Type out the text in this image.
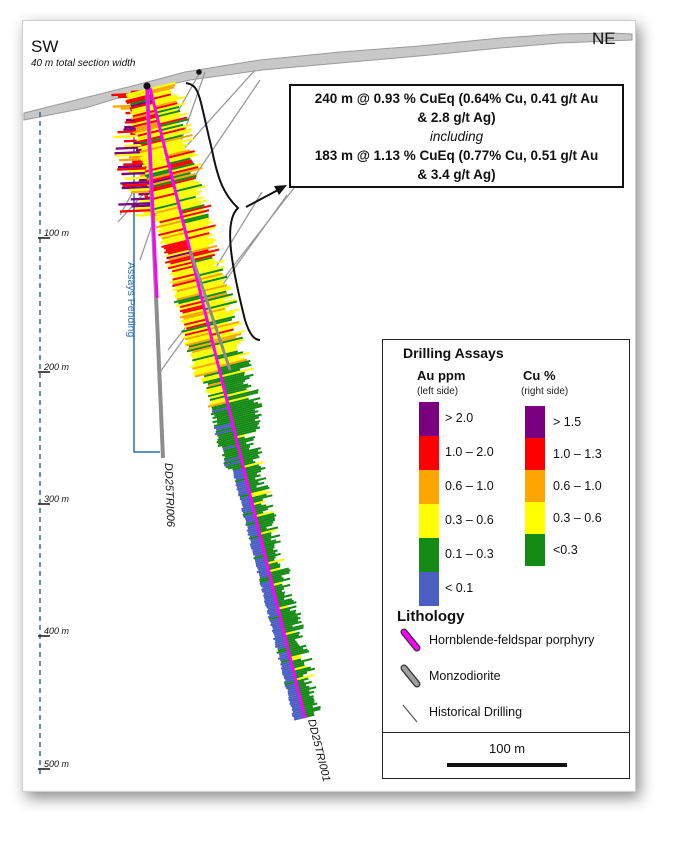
100 m
200 m
300 m
400 m
500 m
Assays Pending
DD25TRI006
DD25TRI001
SW	NE
40 m total section width
240 m @ 0.93 % CuEq (0.64% Cu, 0.41 g/t Au
& 2.8 g/t Ag)
including
183 m @ 1.13 % CuEq (0.77% Cu, 0.51 g/t Au
& 3.4 g/t Ag)
Drilling Assays
Au ppm
(left side)
Cu %
(right side)
> 2.0
1.0 – 2.0
0.6 – 1.0
0.3 – 0.6
0.1 – 0.3
< 0.1
> 1.5
1.0 – 1.3
0.6 – 1.0
0.3 – 0.6
<0.3
Lithology
Hornblende-feldspar porphyry
Monzodiorite
Historical Drilling
100 m
